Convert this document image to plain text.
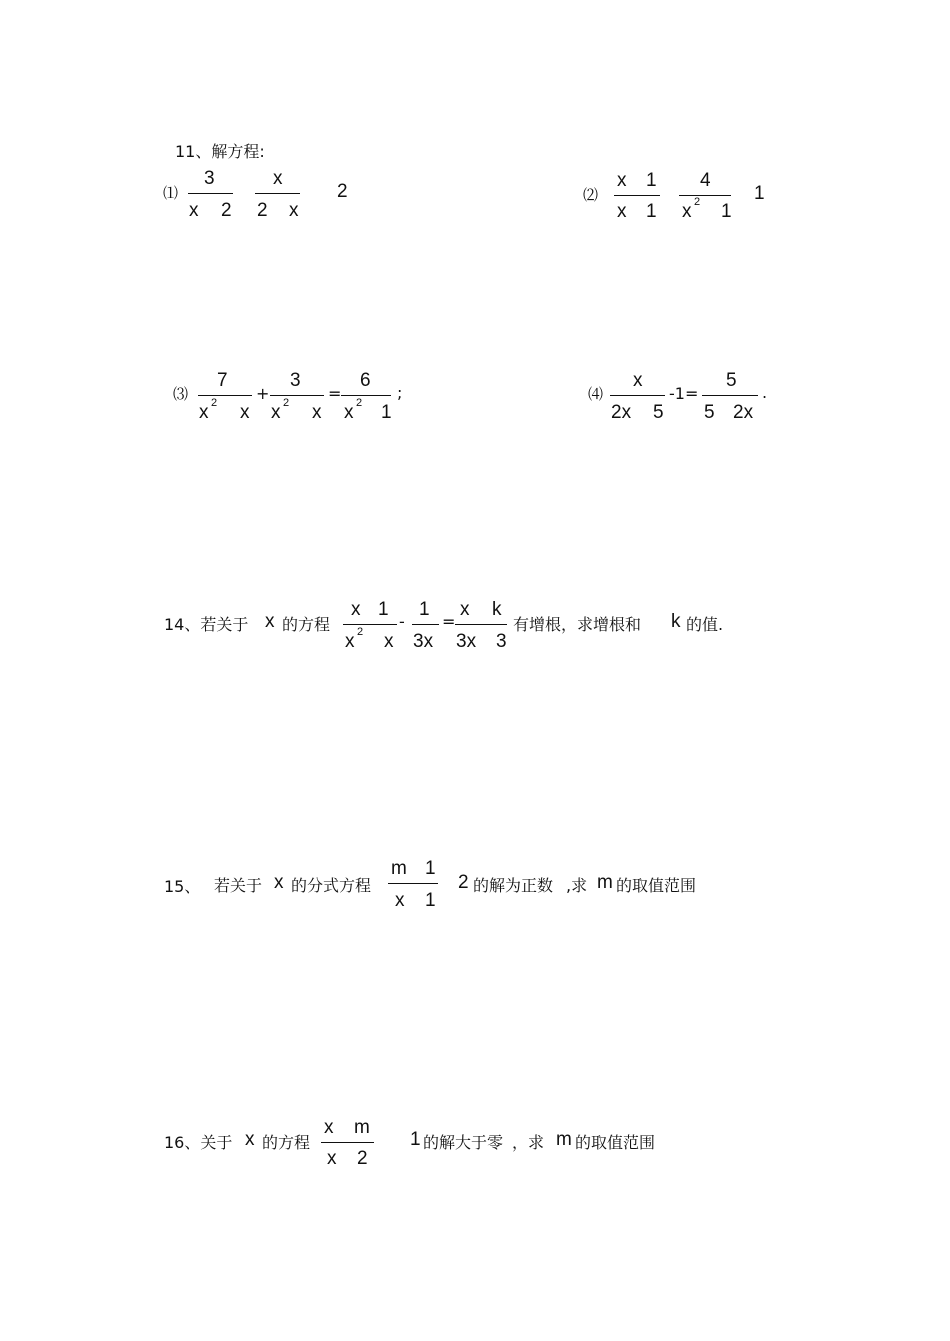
11、解方程:
⑴
3
x 2
x
2 x
2	⑵
x 1
x 1
4
x 2 1
1
⑶
7
x 2 x
+
3
x 2 x
=
6
x 2 1
;	⑷
x
2x 5
-1=
5
5 2x
.
14、若关于 x 的方程
x 1
x 2 x
-
1
3x
=
x k
3x 3
有增根，求增根和 k 的值.
15、 若关于 x 的分式方程
m 1
x 1
2 的解为正数 ,求 m 的取值范围
16、关于 x 的方程
x m
x 2
1 的解大于零 ，求 m 的取值范围
